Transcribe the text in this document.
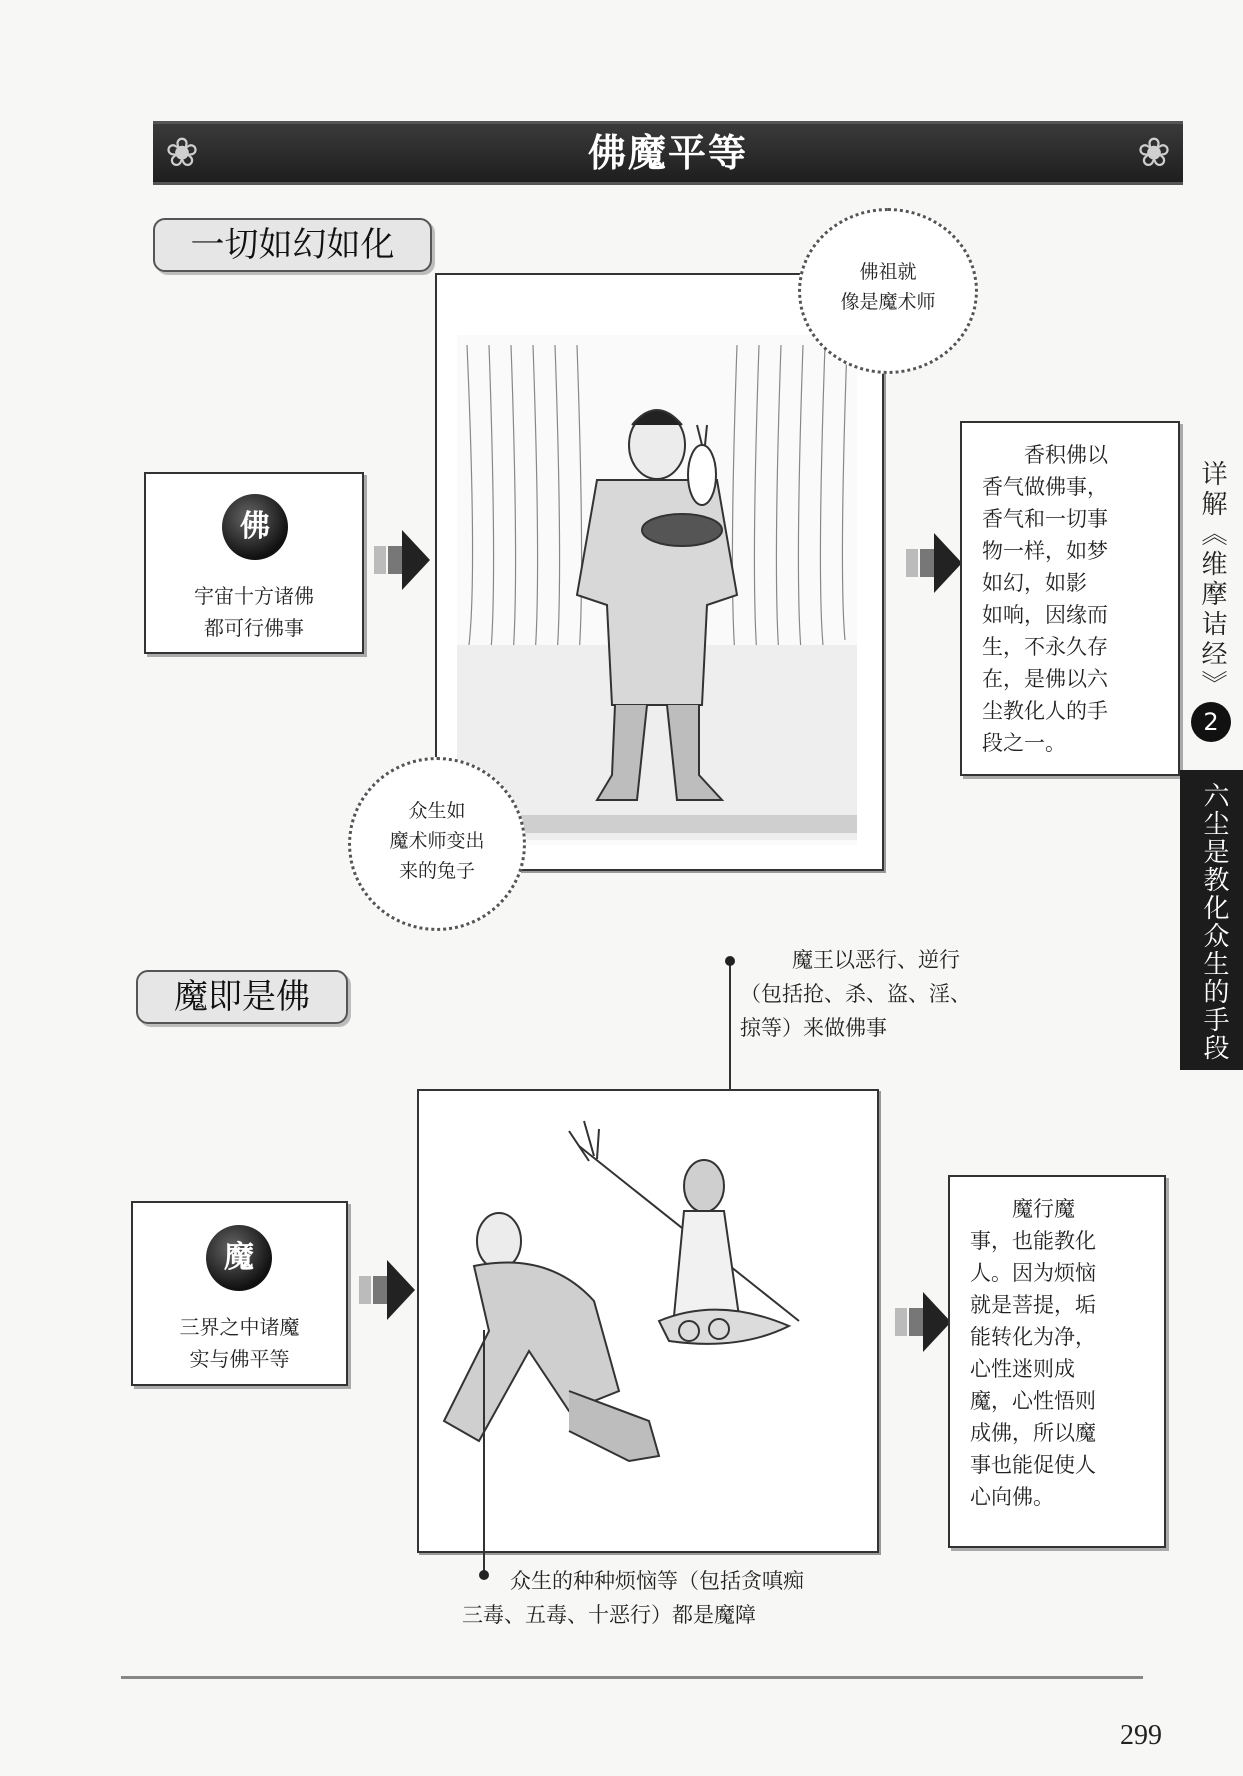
❀	佛魔平等	❀
一切如幻如化
佛
宇宙十方诸佛
都可行佛事
佛祖就
像是魔术师
众生如
魔术师变出
来的兔子
香积佛以
香气做佛事，
香气和一切事
物一样，如梦
如幻，如影
如响，因缘而
生，不永久存
在，是佛以六
尘教化人的手
段之一。
魔即是佛
魔王以恶行、逆行
（包括抢、杀、盗、淫、
掠等）来做佛事
魔
三界之中诸魔
实与佛平等
魔行魔
事，也能教化
人。因为烦恼
就是菩提，垢
能转化为净，
心性迷则成
魔，心性悟则
成佛，所以魔
事也能促使人
心向佛。
众生的种种烦恼等（包括贪嗔痴
三毒、五毒、十恶行）都是魔障
299
详解《维摩诘经》
2
六尘是教化众生的手段
